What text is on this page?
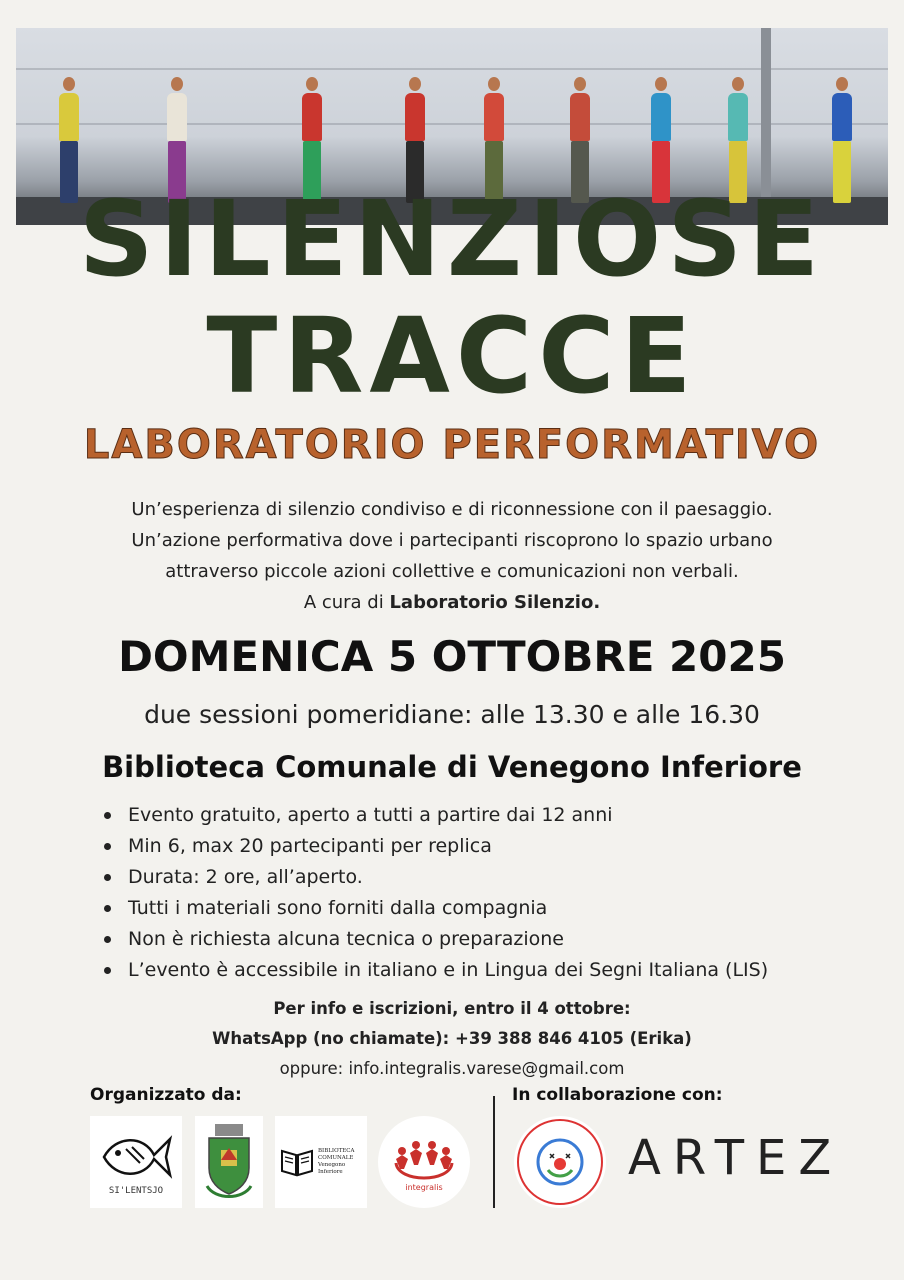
SILENZIOSE
TRACCE
LABORATORIO PERFORMATIVO

Un’esperienza di silenzio condiviso e di riconnessione con il paesaggio.

Un’azione performativa dove i partecipanti riscoprono lo spazio urbano

attraverso piccole azioni collettive e comunicazioni non verbali.

A cura di Laboratorio Silenzio.

DOMENICA 5 OTTOBRE 2025
due sessioni pomeridiane: alle 13.30 e alle 16.30
Biblioteca Comunale di Venegono Inferiore
Evento gratuito, aperto a tutti a partire dai 12 anni
Min 6, max 20 partecipanti per replica
Durata: 2 ore, all’aperto.
Tutti i materiali sono forniti dalla compagnia
Non è richiesta alcuna tecnica o preparazione
L’evento è accessibile in italiano e in Lingua dei Segni Italiana (LIS)
Per info e iscrizioni, entro il 4 ottobre:
WhatsApp (no chiamate): +39 388 846 4105 (Erika)
oppure: info.integralis.varese@gmail.com
Organizzato da:	In collaborazione con:
SI'LENTSJO
BIBLIOTECA COMUNALE Venegono Inferiore
integralis
ARTEZ
